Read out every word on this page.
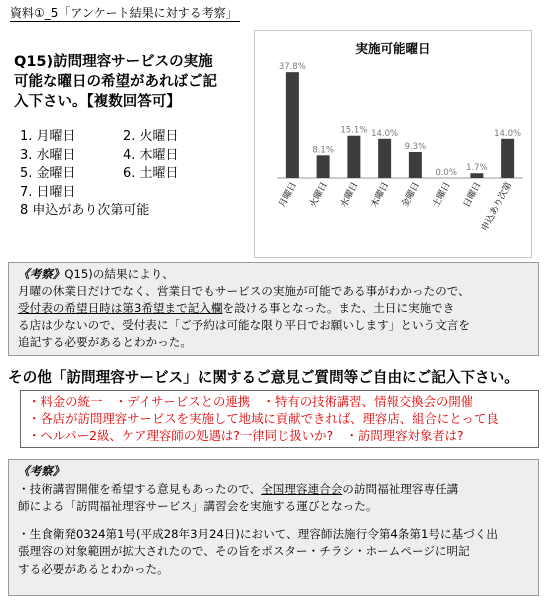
資料①_5「アンケート結果に対する考察」
Q15)訪問理容サービスの実施
可能な曜日の希望があればご記
入下さい。【複数回答可】
1. 月曜日	2. 火曜日
3. 水曜日	4. 木曜日
5. 金曜日	6. 土曜日
7. 日曜日
8 申込があり次第可能
実施可能曜日
37.8%
月曜日
8.1%
火曜日
15.1%
水曜日
14.0%
木曜日
9.3%
金曜日
0.0%
土曜日
1.7%
日曜日
14.0%
申込あり次第
《考察》Q15)の結果により、
月曜の休業日だけでなく、営業日でもサービスの実施が可能である事がわかったので、
受付表の希望日時は第3希望まで記入欄を設ける事となった。また、土日に実施でき
る店は少ないので、受付表に「ご予約は可能な限り平日でお願いします」という文言を
追記する必要があるとわかった。
その他「訪問理容サービス」に関するご意見ご質問等ご自由にご記入下さい。
・料金の統一　・デイサービスとの連携　・特有の技術講習、情報交換会の開催
・各店が訪問理容サービスを実施して地域に貢献できれば、理容店、組合にとって良
・ヘルパー2級、ケア理容師の処遇は?一律同じ扱いか?　・訪問理容対象者は?
《考察》
・技術講習開催を希望する意見もあったので、全国理容連合会の訪問福祉理容専任講
師による「訪問福祉理容サービス」講習会を実施する運びとなった。
・生食衛発0324第1号(平成28年3月24日)において、理容師法施行令第4条第1号に基づく出
張理容の対象範囲が拡大されたので、その旨をポスター・チラシ・ホームページに明記
する必要があるとわかった。
